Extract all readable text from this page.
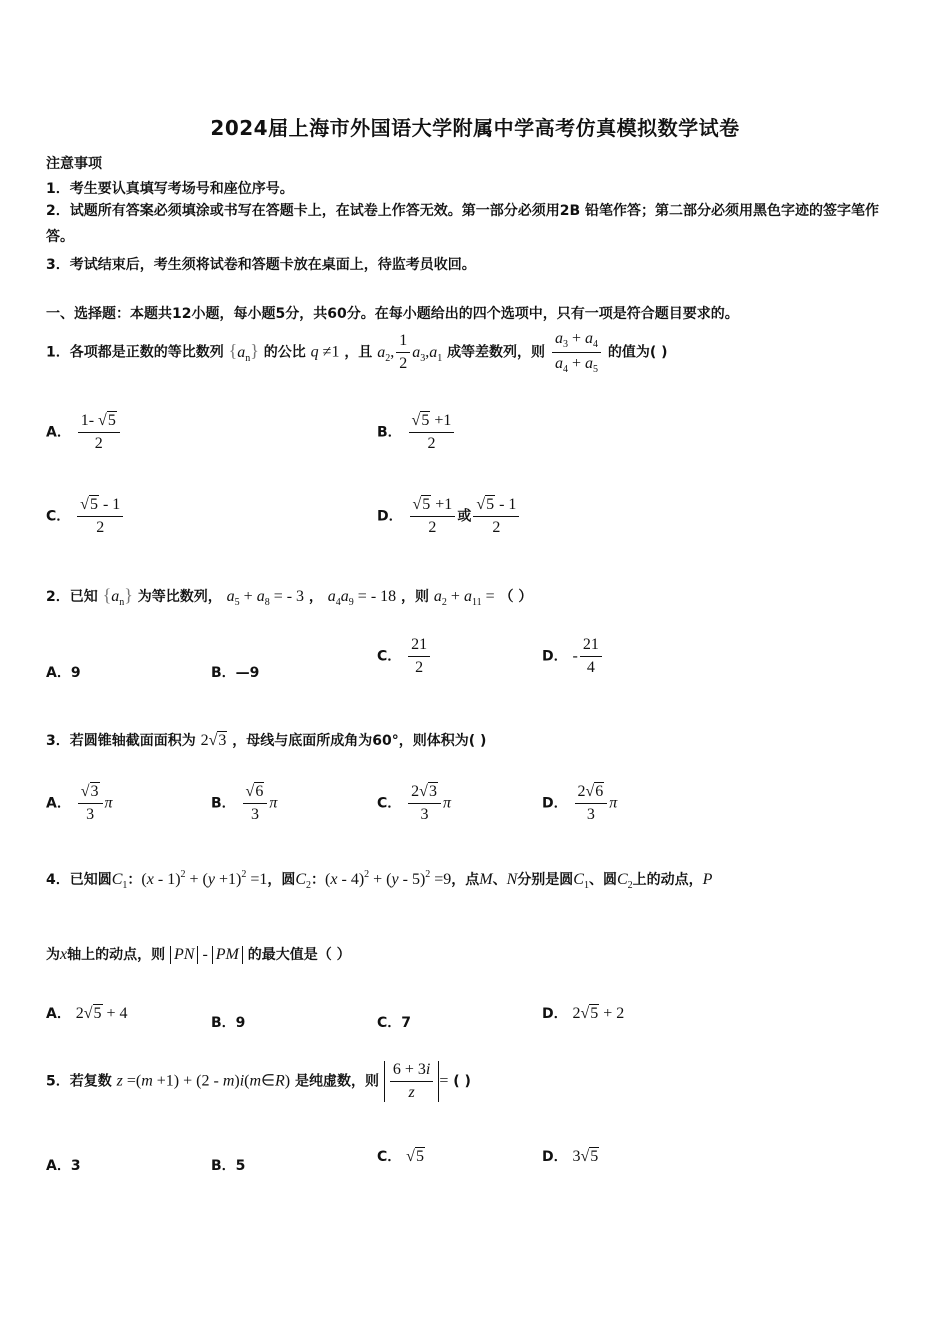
2024届上海市外国语大学附属中学高考仿真模拟数学试卷
注意事项
1．考生要认真填写考场号和座位序号。
2．试题所有答案必须填涂或书写在答题卡上，在试卷上作答无效。第一部分必须用2B 铅笔作答；第二部分必须用黑色字迹的签字笔作答。
3．考试结束后，考生须将试卷和答题卡放在桌面上，待监考员收回。
一、选择题：本题共12小题，每小题5分，共60分。在每小题给出的四个选项中，只有一项是符合题目要求的。
1．各项都是正数的等比数列 $\{a_n\}$ 的公比 q ≠1 ，且 $a_2$, $\frac{1}{2} a_3,a_1$ 成等差数列，则 $\frac{a_3 + a_4}{a_4 + a_5}$ 的值为( )
A． $\frac{1- √5}{2}$	B． $\frac{√5 +1}{2}$
C． $\frac{√5 - 1}{2}$	D． $\frac{√5 +1}{2}$ 或 $\frac{√5 - 1}{2}$
2．已知 $\{a_n\}$ 为等比数列， $a_5 + a_8$ = - 3 ， $a_4a_9$ = - 18 ，则 $a_2 + a_{11}$ = （ ）
A．9	B．—9
C． $\frac{21}{2}$	D． - $\frac{21}{4}$
3．若圆锥轴截面面积为 2√3 ，母线与底面所成角为60°，则体积为( )
A． $\frac{√3}{3}$ π	B． $\frac{√6}{3}$ π	C． $\frac{2√3}{3}$ π	D． $\frac{2√6}{3}$ π
4．已知圆$C_1$：$(x - 1)^2 + (y +1)^2 =1$，圆$C_2$：(x - 4)$^2$ + (y - 5)$^2$ =9，点M、N分别是圆$C_1$、圆$C_2$上的动点，P
为x轴上的动点，则 PN - PM 的最大值是（ ）
A． 2√5 + 4
B．9	C．7
D． 2√5 + 2
5．若复数 z =(m +1) + (2 - m)i(m∈R) 是纯虚数，则 $\frac{6 + 3i}{z}$ = ( )
A．3	B．5
C． √5	D． 3√5
